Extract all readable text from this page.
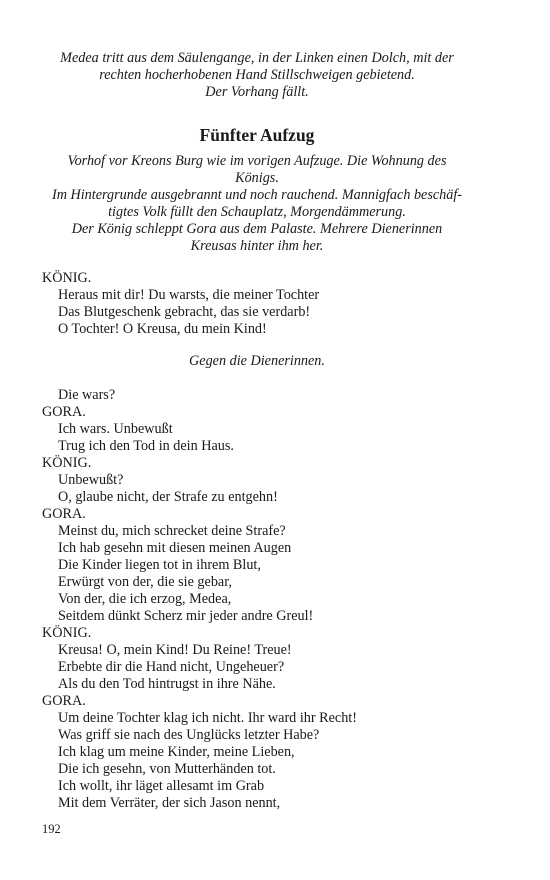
Medea tritt aus dem Säulengange, in der Linken einen Dolch, mit der
rechten hocherhobenen Hand Stillschweigen gebietend.
Der Vorhang fällt.
Fünfter Aufzug
Vorhof vor Kreons Burg wie im vorigen Aufzuge. Die Wohnung des
Königs.
Im Hintergrunde ausgebrannt und noch rauchend. Mannigfach beschäf-
tigtes Volk füllt den Schauplatz, Morgendämmerung.
Der König schleppt Gora aus dem Palaste. Mehrere Dienerinnen
Kreusas hinter ihm her.
KÖNIG.
Heraus mit dir! Du warsts, die meiner Tochter
Das Blutgeschenk gebracht, das sie verdarb!
O Tochter! O Kreusa, du mein Kind!
Gegen die Dienerinnen.
Die wars?
GORA.
Ich wars. Unbewußt
Trug ich den Tod in dein Haus.
KÖNIG.
Unbewußt?
O, glaube nicht, der Strafe zu entgehn!
GORA.
Meinst du, mich schrecket deine Strafe?
Ich hab gesehn mit diesen meinen Augen
Die Kinder liegen tot in ihrem Blut,
Erwürgt von der, die sie gebar,
Von der, die ich erzog, Medea,
Seitdem dünkt Scherz mir jeder andre Greul!
KÖNIG.
Kreusa! O, mein Kind! Du Reine! Treue!
Erbebte dir die Hand nicht, Ungeheuer?
Als du den Tod hintrugst in ihre Nähe.
GORA.
Um deine Tochter klag ich nicht. Ihr ward ihr Recht!
Was griff sie nach des Unglücks letzter Habe?
Ich klag um meine Kinder, meine Lieben,
Die ich gesehn, von Mutterhänden tot.
Ich wollt, ihr läget allesamt im Grab
Mit dem Verräter, der sich Jason nennt,
192
